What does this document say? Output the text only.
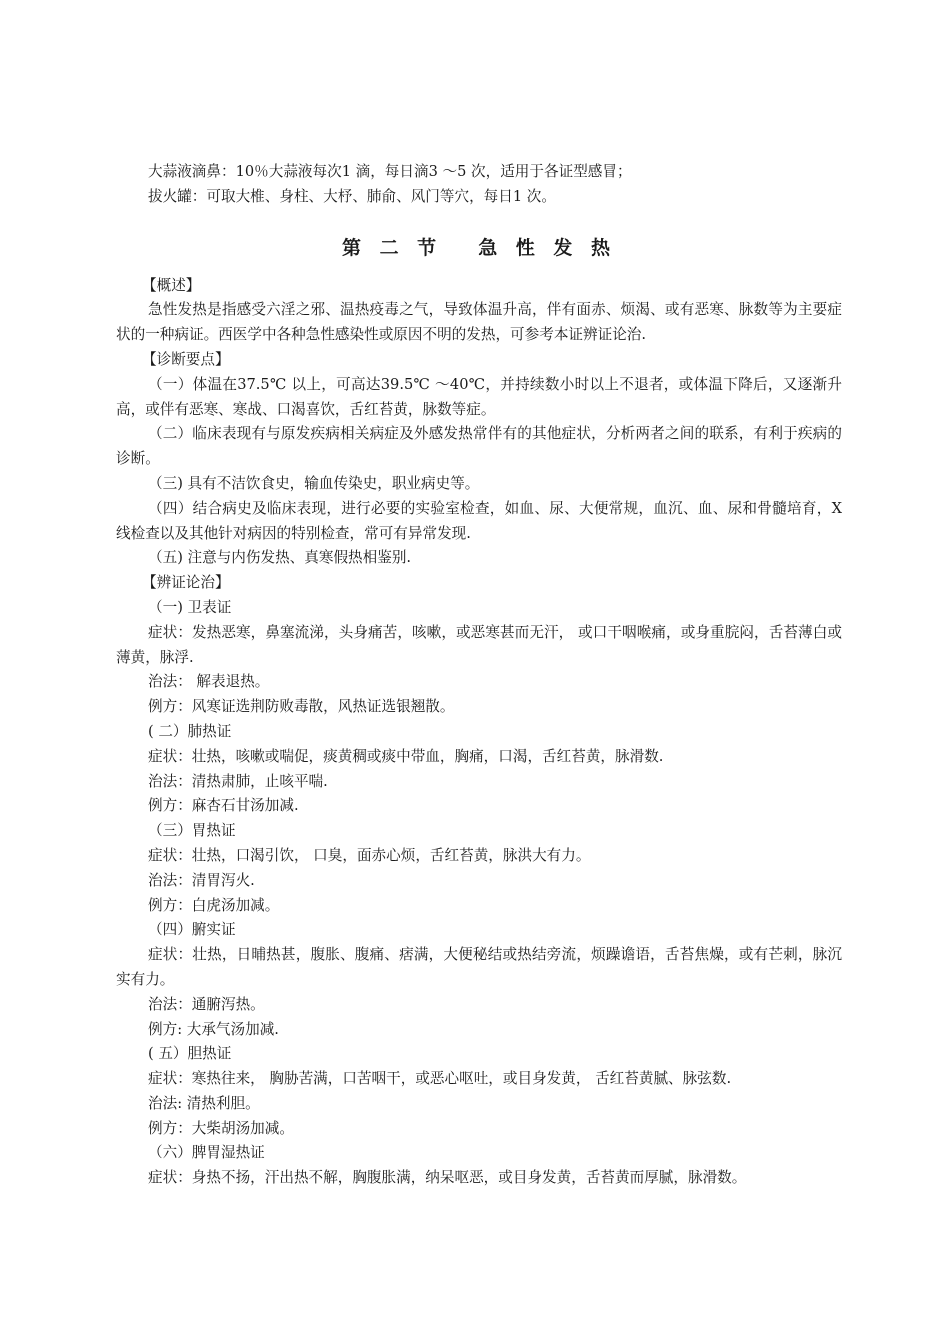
大蒜液滴鼻：10％大蒜液每次1 滴，每日滴3 ～5 次，适用于各证型感冒；

拔火罐：可取大椎、身柱、大杼、肺俞、风门等穴，每日1 次。

第 二 节 急 性 发 热

【概述】

急性发热是指感受六淫之邪、温热疫毒之气，导致体温升高，伴有面赤、烦渴、或有恶寒、脉数等为主要症状的一种病证。西医学中各种急性感染性或原因不明的发热，可参考本证辨证论治.

【诊断要点】

（一）体温在37.5℃ 以上，可高达39.5℃ ～40℃，并持续数小时以上不退者，或体温下降后，又逐渐升高，或伴有恶寒、寒战、口渴喜饮，舌红苔黄，脉数等症。

（二）临床表现有与原发疾病相关病症及外感发热常伴有的其他症状，分析两者之间的联系，有利于疾病的诊断。

（三) 具有不洁饮食史，输血传染史，职业病史等。

（四）结合病史及临床表现，进行必要的实验室检查，如血、尿、大便常规，血沉、血、尿和骨髓培育，X 线检查以及其他针对病因的特别检查，常可有异常发现.

（五) 注意与内伤发热、真寒假热相鉴别.

【辨证论治】

（一) 卫表证

症状：发热恶寒，鼻塞流涕，头身痛苦，咳嗽，或恶寒甚而无汗， 或口干咽喉痛，或身重脘闷，舌苔薄白或薄黄，脉浮.

治法： 解表退热。

例方：风寒证选荆防败毒散，风热证选银翘散。

( 二）肺热证

症状：壮热，咳嗽或喘促，痰黄稠或痰中带血，胸痛，口渴，舌红苔黄，脉滑数.

治法：清热肃肺，止咳平喘.

例方：麻杏石甘汤加减.

（三）胃热证

症状：壮热，口渴引饮， 口臭，面赤心烦，舌红苔黄，脉洪大有力。

治法：清胃泻火.

例方：白虎汤加减。

（四）腑实证

症状：壮热，日晡热甚，腹胀、腹痛、痞满，大便秘结或热结旁流，烦躁谵语，舌苔焦燥，或有芒刺，脉沉实有力。

治法：通腑泻热。

例方: 大承气汤加减.

( 五）胆热证

症状：寒热往来， 胸胁苦满，口苦咽干，或恶心呕吐，或目身发黄， 舌红苔黄腻、脉弦数.

治法: 清热利胆。

例方：大柴胡汤加减。

（六）脾胃湿热证

症状：身热不扬，汗出热不解，胸腹胀满，纳呆呕恶，或目身发黄，舌苔黄而厚腻，脉滑数。
